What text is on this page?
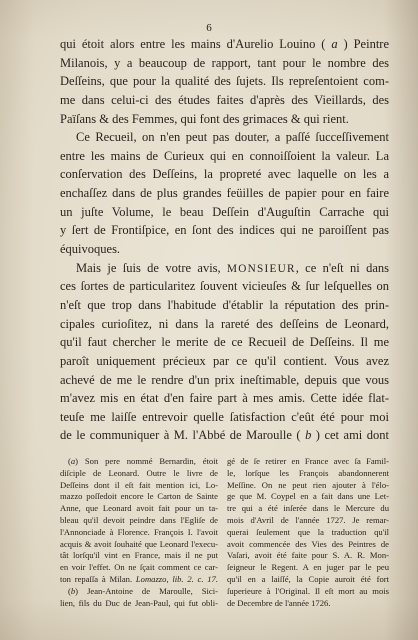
6
qui étoit alors entre les mains d'Aurelio Louino ( a ) Peintre
Milanois, y a beaucoup de rapport, tant pour le nombre des
Deſſeins, que pour la qualité des ſujets. Ils repreſentoient com-
me dans celui-ci des études faites d'après des Vieillards, des
Païſans & des Femmes, qui font des grimaces & qui rient.
Ce Recueil, on n'en peut pas douter, a paſſé ſucceſſivement
entre les mains de Curieux qui en connoiſſoient la valeur. La
conſervation des Deſſeins, la propreté avec laquelle on les a
enchaſſez dans de plus grandes feüilles de papier pour en faire
un juſte Volume, le beau Deſſein d'Auguſtin Carrache qui
y ſert de Frontiſpice, en ſont des indices qui ne paroiſſent pas
équivoques.
Mais je ſuis de votre avis, MONSIEUR, ce n'eſt ni dans
ces ſortes de particularitez ſouvent vicieuſes & ſur leſquelles on
n'eſt que trop dans l'habitude d'établir la réputation des prin-
cipales curioſitez, ni dans la rareté des deſſeins de Leonard,
qu'il faut chercher le merite de ce Recueil de Deſſeins. Il me
paroît uniquement précieux par ce qu'il contient. Vous avez
achevé de me le rendre d'un prix ineſtimable, depuis que vous
m'avez mis en état d'en faire part à mes amis. Cette idée flat-
teuſe me laiſſe entrevoir quelle ſatisfaction c'eût été pour moi
de le communiquer à M. l'Abbé de Maroulle ( b ) cet ami dont
(a) Son pere nommé Bernardin, étoit
diſciple de Leonard. Outre le livre de
Deſſeins dont il eſt fait mention ici, Lo-
mazzo poſſedoit encore le Carton de Sainte
Anne, que Leonard avoit fait pour un ta-
bleau qu'il devoit peindre dans l'Egliſe de
l'Annonciade à Florence. François I. l'avoit
acquis & avoit ſouhaité que Leonard l'execu-
tât lorſqu'il vint en France, mais il ne put
en voir l'effet. On ne ſçait comment ce car-
ton repaſſa à Milan. Lomazzo, lib. 2. c. 17.
(b) Jean-Antoine de Maroulle, Sici-
lien, fils du Duc de Jean-Paul, qui fut obli-
gé de ſe retirer en France avec ſa Famil-
le, lorſque les François abandonnerent
Meſſine. On ne peut rien ajouter à l'élo-
ge que M. Coypel en a fait dans une Let-
tre qui a été inſerée dans le Mercure du
mois d'Avril de l'année 1727. Je remar-
querai ſeulement que la traduction qu'il
avoit commencée des Vies des Peintres de
Vaſari, avoit été faite pour S. A. R. Mon-
ſeigneur le Regent. A en juger par le peu
qu'il en a laiſſé, la Copie auroit été fort
ſuperieure à l'Original. Il eſt mort au mois
de Decembre de l'année 1726.
